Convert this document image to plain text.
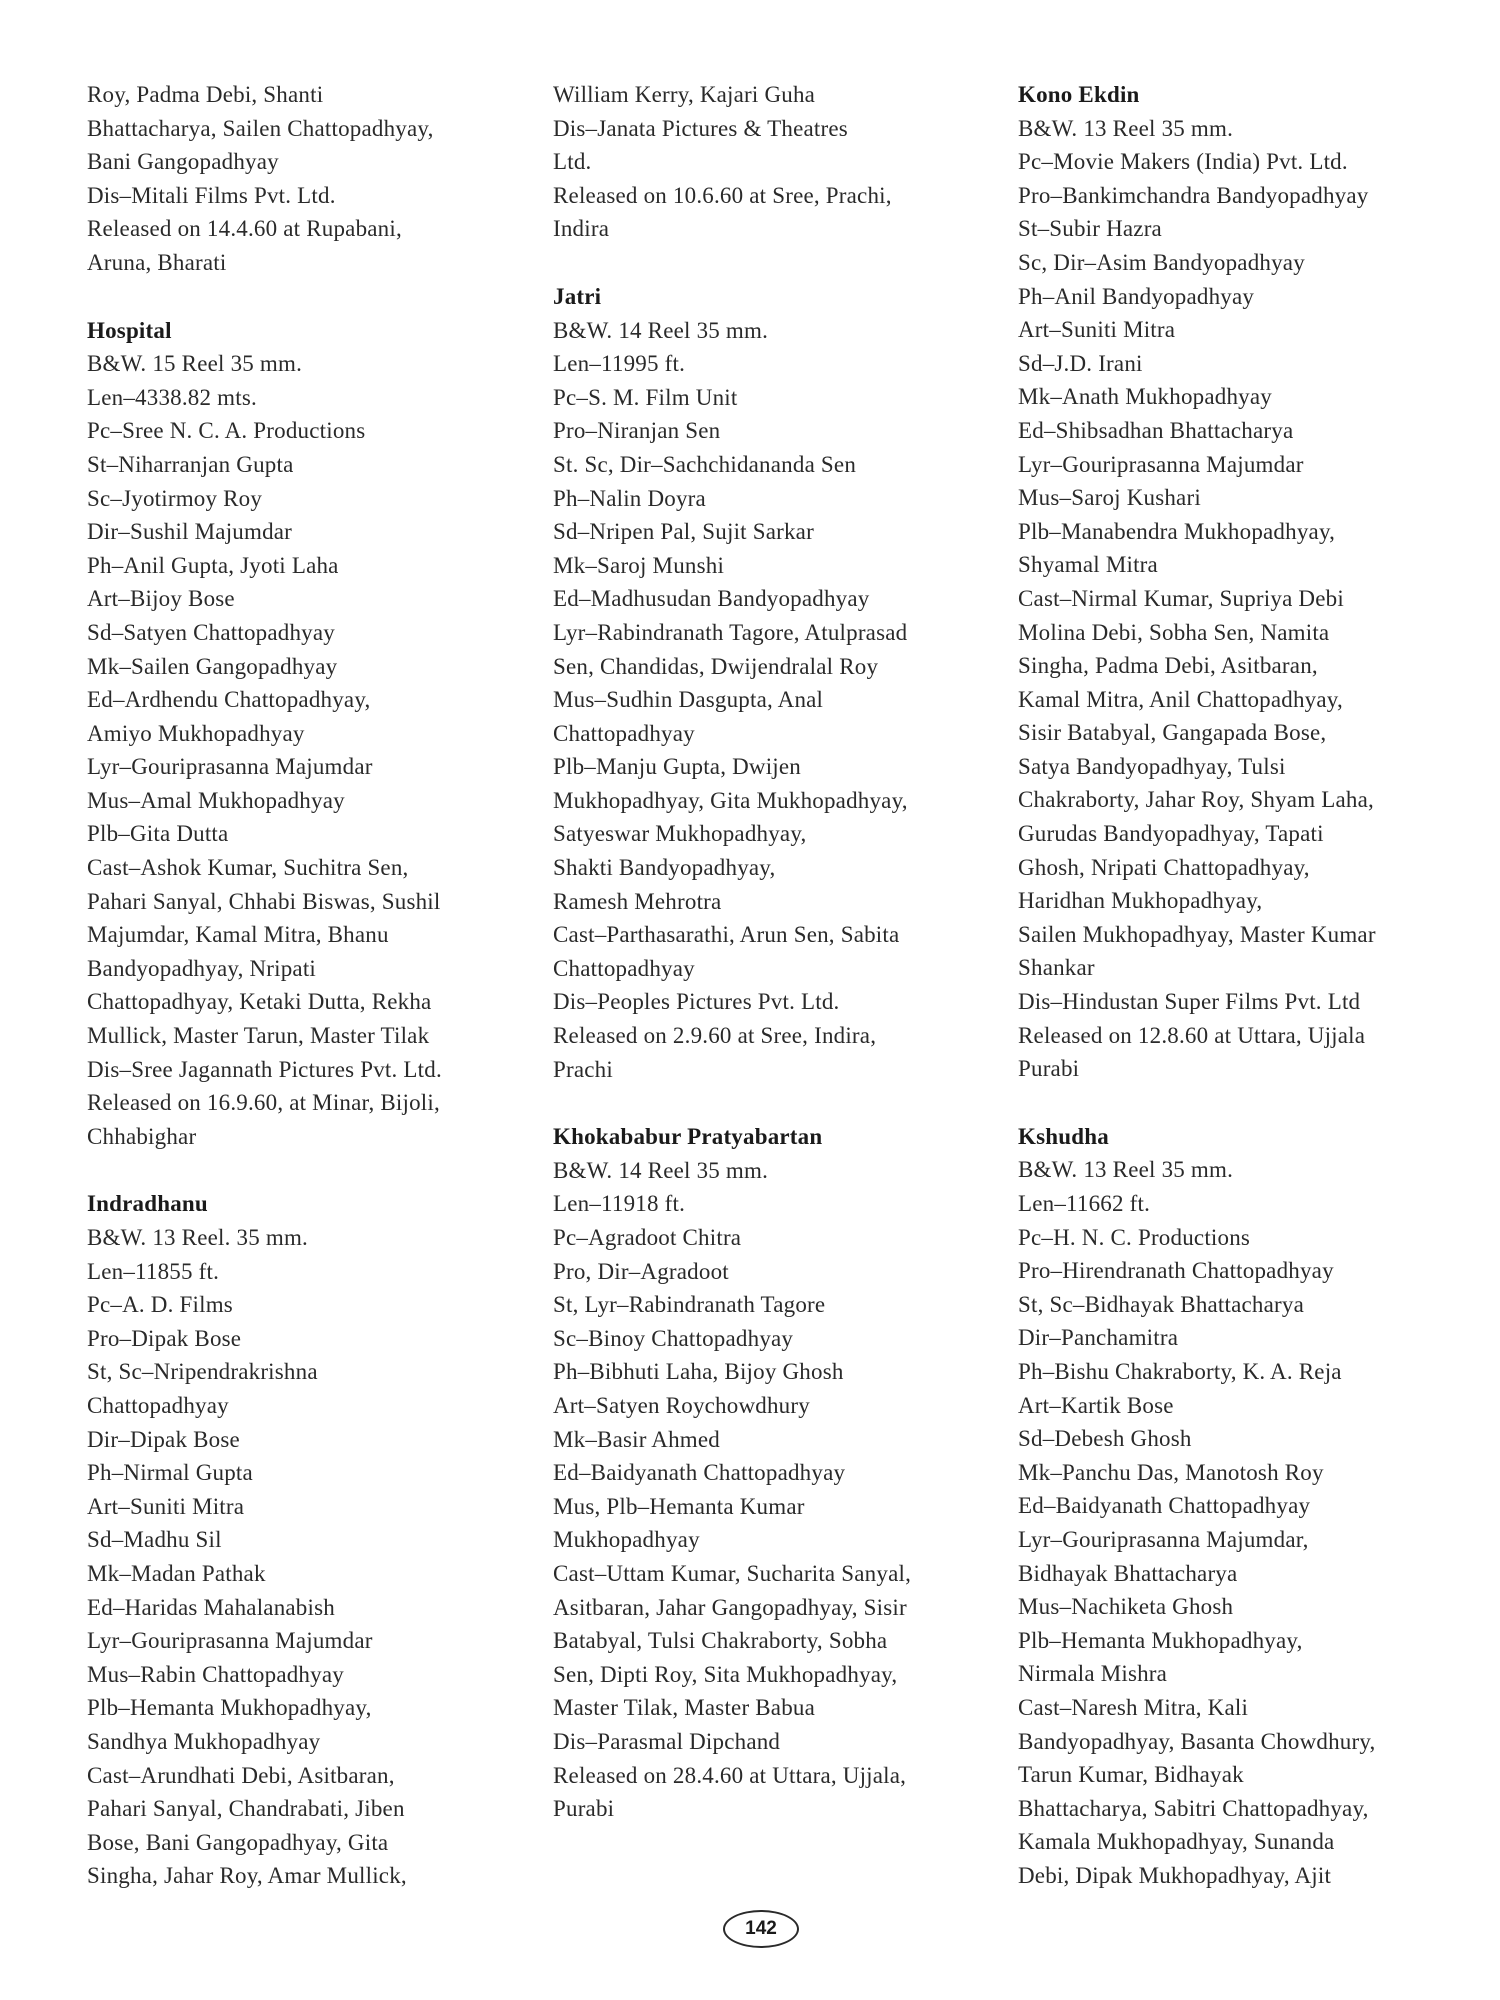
Roy, Padma Debi, Shanti
Bhattacharya, Sailen Chattopadhyay,
Bani Gangopadhyay
Dis–Mitali Films Pvt. Ltd.
Released on 14.4.60 at Rupabani,
Aruna, Bharati
Hospital
B&W. 15 Reel 35 mm.
Len–4338.82 mts.
Pc–Sree N. C. A. Productions
St–Niharranjan Gupta
Sc–Jyotirmoy Roy
Dir–Sushil Majumdar
Ph–Anil Gupta, Jyoti Laha
Art–Bijoy Bose
Sd–Satyen Chattopadhyay
Mk–Sailen Gangopadhyay
Ed–Ardhendu Chattopadhyay,
Amiyo Mukhopadhyay
Lyr–Gouriprasanna Majumdar
Mus–Amal Mukhopadhyay
Plb–Gita Dutta
Cast–Ashok Kumar, Suchitra Sen,
Pahari Sanyal, Chhabi Biswas, Sushil
Majumdar, Kamal Mitra, Bhanu
Bandyopadhyay, Nripati
Chattopadhyay, Ketaki Dutta, Rekha
Mullick, Master Tarun, Master Tilak
Dis–Sree Jagannath Pictures Pvt. Ltd.
Released on 16.9.60, at Minar, Bijoli,
Chhabighar
Indradhanu
B&W. 13 Reel. 35 mm.
Len–11855 ft.
Pc–A. D. Films
Pro–Dipak Bose
St, Sc–Nripendrakrishna
Chattopadhyay
Dir–Dipak Bose
Ph–Nirmal Gupta
Art–Suniti Mitra
Sd–Madhu Sil
Mk–Madan Pathak
Ed–Haridas Mahalanabish
Lyr–Gouriprasanna Majumdar
Mus–Rabin Chattopadhyay
Plb–Hemanta Mukhopadhyay,
Sandhya Mukhopadhyay
Cast–Arundhati Debi, Asitbaran,
Pahari Sanyal, Chandrabati, Jiben
Bose, Bani Gangopadhyay, Gita
Singha, Jahar Roy, Amar Mullick,
William Kerry, Kajari Guha
Dis–Janata Pictures & Theatres
Ltd.
Released on 10.6.60 at Sree, Prachi,
Indira
Jatri
B&W. 14 Reel 35 mm.
Len–11995 ft.
Pc–S. M. Film Unit
Pro–Niranjan Sen
St. Sc, Dir–Sachchidananda Sen
Ph–Nalin Doyra
Sd–Nripen Pal, Sujit Sarkar
Mk–Saroj Munshi
Ed–Madhusudan Bandyopadhyay
Lyr–Rabindranath Tagore, Atulprasad
Sen, Chandidas, Dwijendralal Roy
Mus–Sudhin Dasgupta, Anal
Chattopadhyay
Plb–Manju Gupta, Dwijen
Mukhopadhyay, Gita Mukhopadhyay,
Satyeswar Mukhopadhyay,
Shakti Bandyopadhyay,
Ramesh Mehrotra
Cast–Parthasarathi, Arun Sen, Sabita
Chattopadhyay
Dis–Peoples Pictures Pvt. Ltd.
Released on 2.9.60 at Sree, Indira,
Prachi
Khokababur Pratyabartan
B&W. 14 Reel 35 mm.
Len–11918 ft.
Pc–Agradoot Chitra
Pro, Dir–Agradoot
St, Lyr–Rabindranath Tagore
Sc–Binoy Chattopadhyay
Ph–Bibhuti Laha, Bijoy Ghosh
Art–Satyen Roychowdhury
Mk–Basir Ahmed
Ed–Baidyanath Chattopadhyay
Mus, Plb–Hemanta Kumar
Mukhopadhyay
Cast–Uttam Kumar, Sucharita Sanyal,
Asitbaran, Jahar Gangopadhyay, Sisir
Batabyal, Tulsi Chakraborty, Sobha
Sen, Dipti Roy, Sita Mukhopadhyay,
Master Tilak, Master Babua
Dis–Parasmal Dipchand
Released on 28.4.60 at Uttara, Ujjala,
Purabi
Kono Ekdin
B&W. 13 Reel 35 mm.
Pc–Movie Makers (India) Pvt. Ltd.
Pro–Bankimchandra Bandyopadhyay
St–Subir Hazra
Sc, Dir–Asim Bandyopadhyay
Ph–Anil Bandyopadhyay
Art–Suniti Mitra
Sd–J.D. Irani
Mk–Anath Mukhopadhyay
Ed–Shibsadhan Bhattacharya
Lyr–Gouriprasanna Majumdar
Mus–Saroj Kushari
Plb–Manabendra Mukhopadhyay,
Shyamal Mitra
Cast–Nirmal Kumar, Supriya Debi
Molina Debi, Sobha Sen, Namita
Singha, Padma Debi, Asitbaran,
Kamal Mitra, Anil Chattopadhyay,
Sisir Batabyal, Gangapada Bose,
Satya Bandyopadhyay, Tulsi
Chakraborty, Jahar Roy, Shyam Laha,
Gurudas Bandyopadhyay, Tapati
Ghosh, Nripati Chattopadhyay,
Haridhan Mukhopadhyay,
Sailen Mukhopadhyay, Master Kumar
Shankar
Dis–Hindustan Super Films Pvt. Ltd
Released on 12.8.60 at Uttara, Ujjala
Purabi
Kshudha
B&W. 13 Reel 35 mm.
Len–11662 ft.
Pc–H. N. C. Productions
Pro–Hirendranath Chattopadhyay
St, Sc–Bidhayak Bhattacharya
Dir–Panchamitra
Ph–Bishu Chakraborty, K. A. Reja
Art–Kartik Bose
Sd–Debesh Ghosh
Mk–Panchu Das, Manotosh Roy
Ed–Baidyanath Chattopadhyay
Lyr–Gouriprasanna Majumdar,
Bidhayak Bhattacharya
Mus–Nachiketa Ghosh
Plb–Hemanta Mukhopadhyay,
Nirmala Mishra
Cast–Naresh Mitra, Kali
Bandyopadhyay, Basanta Chowdhury,
Tarun Kumar, Bidhayak
Bhattacharya, Sabitri Chattopadhyay,
Kamala Mukhopadhyay, Sunanda
Debi, Dipak Mukhopadhyay, Ajit
142
